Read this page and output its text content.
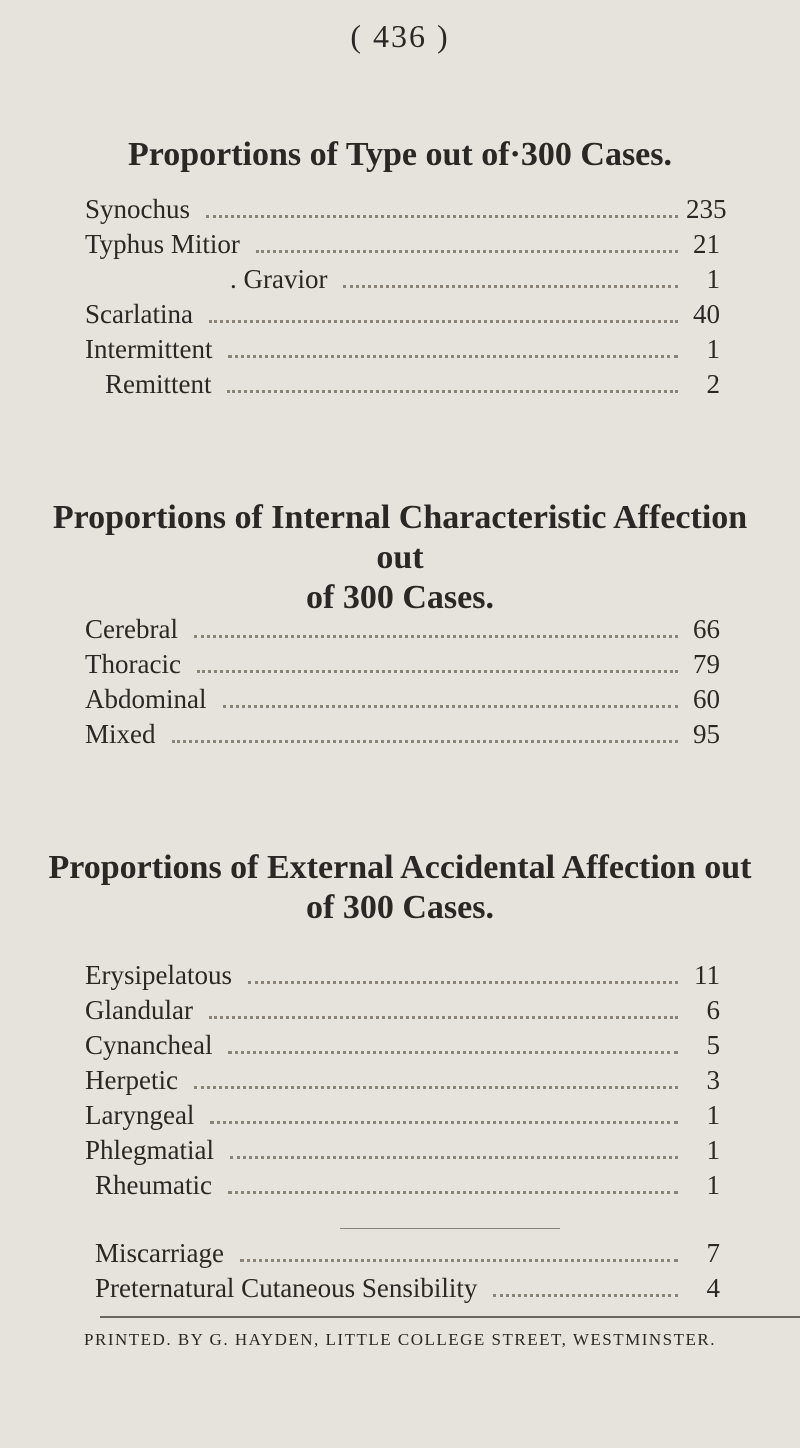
( 436 )
Proportions of Type out of·300 Cases.
Synochus	235
Typhus Mitior	21
. Gravior	1
Scarlatina	40
Intermittent	1
Remittent	2
Proportions of Internal Characteristic Affection out
of 300 Cases.
Cerebral	66
Thoracic	79
Abdominal	60
Mixed	95
Proportions of External Accidental Affection out
of 300 Cases.
Erysipelatous	11
Glandular	6
Cynancheal	5
Herpetic	3
Laryngeal	1
Phlegmatial	1
Rheumatic	1
Miscarriage	7
Preternatural Cutaneous Sensibility	4
PRINTED. BY G. HAYDEN, LITTLE COLLEGE STREET, WESTMINSTER.
